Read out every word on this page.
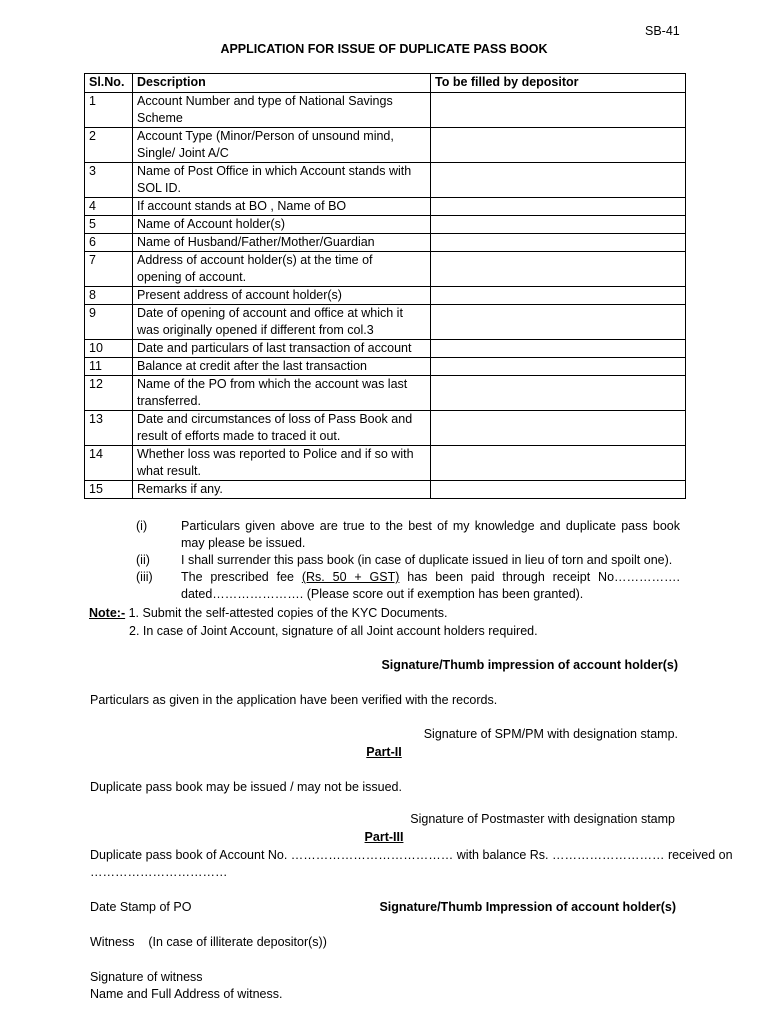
SB-41
APPLICATION FOR ISSUE OF DUPLICATE PASS BOOK
Sl.No.	Description	To be filled by depositor
1	Account Number and type of National Savings
Scheme	

2	Account Type (Minor/Person of unsound mind,
Single/ Joint A/C	

3	Name of Post Office in which Account stands with
SOL ID.	

4	If account stands at BO , Name of BO	

5	Name of Account holder(s)	

6	Name of Husband/Father/Mother/Guardian	

7	Address of account holder(s) at the time of
opening of account.	

8	Present address of account holder(s)	

9	Date of opening of account and office at which it
was originally opened if different from col.3	

10	Date and particulars of last transaction of account	

11	Balance at credit after the last transaction	

12	Name of the PO from which the account was last
transferred.	

13	Date and circumstances of loss of Pass Book and
result of efforts made to traced it out.	

14	Whether loss was reported to Police and if so with
what result.	

15	Remarks if any.	

(i)	Particulars given above are true to the best of my knowledge and duplicate pass book may please be issued.
(ii)	I shall surrender this pass book (in case of duplicate issued in lieu of torn and spoilt one).
(iii)	The prescribed fee (Rs. 50 + GST) has been paid through receipt No……………. dated…………………. (Please score out if exemption has been granted).
Note:- 1. Submit the self-attested copies of the KYC Documents.
2. In case of Joint Account, signature of all Joint account holders required.
Signature/Thumb impression of account holder(s)
Particulars as given in the application have been verified with the records.
Signature of SPM/PM with designation stamp.
Part-II
Duplicate pass book may be issued / may not be issued.
Signature of Postmaster with designation stamp
Part-III
Duplicate pass book of Account No. ………………………………… with balance Rs. ……………………… received on
……………………………
Date Stamp of PO	Signature/Thumb Impression of account holder(s)
Witness    (In case of illiterate depositor(s))
Signature of witness
Name and Full Address of witness.
